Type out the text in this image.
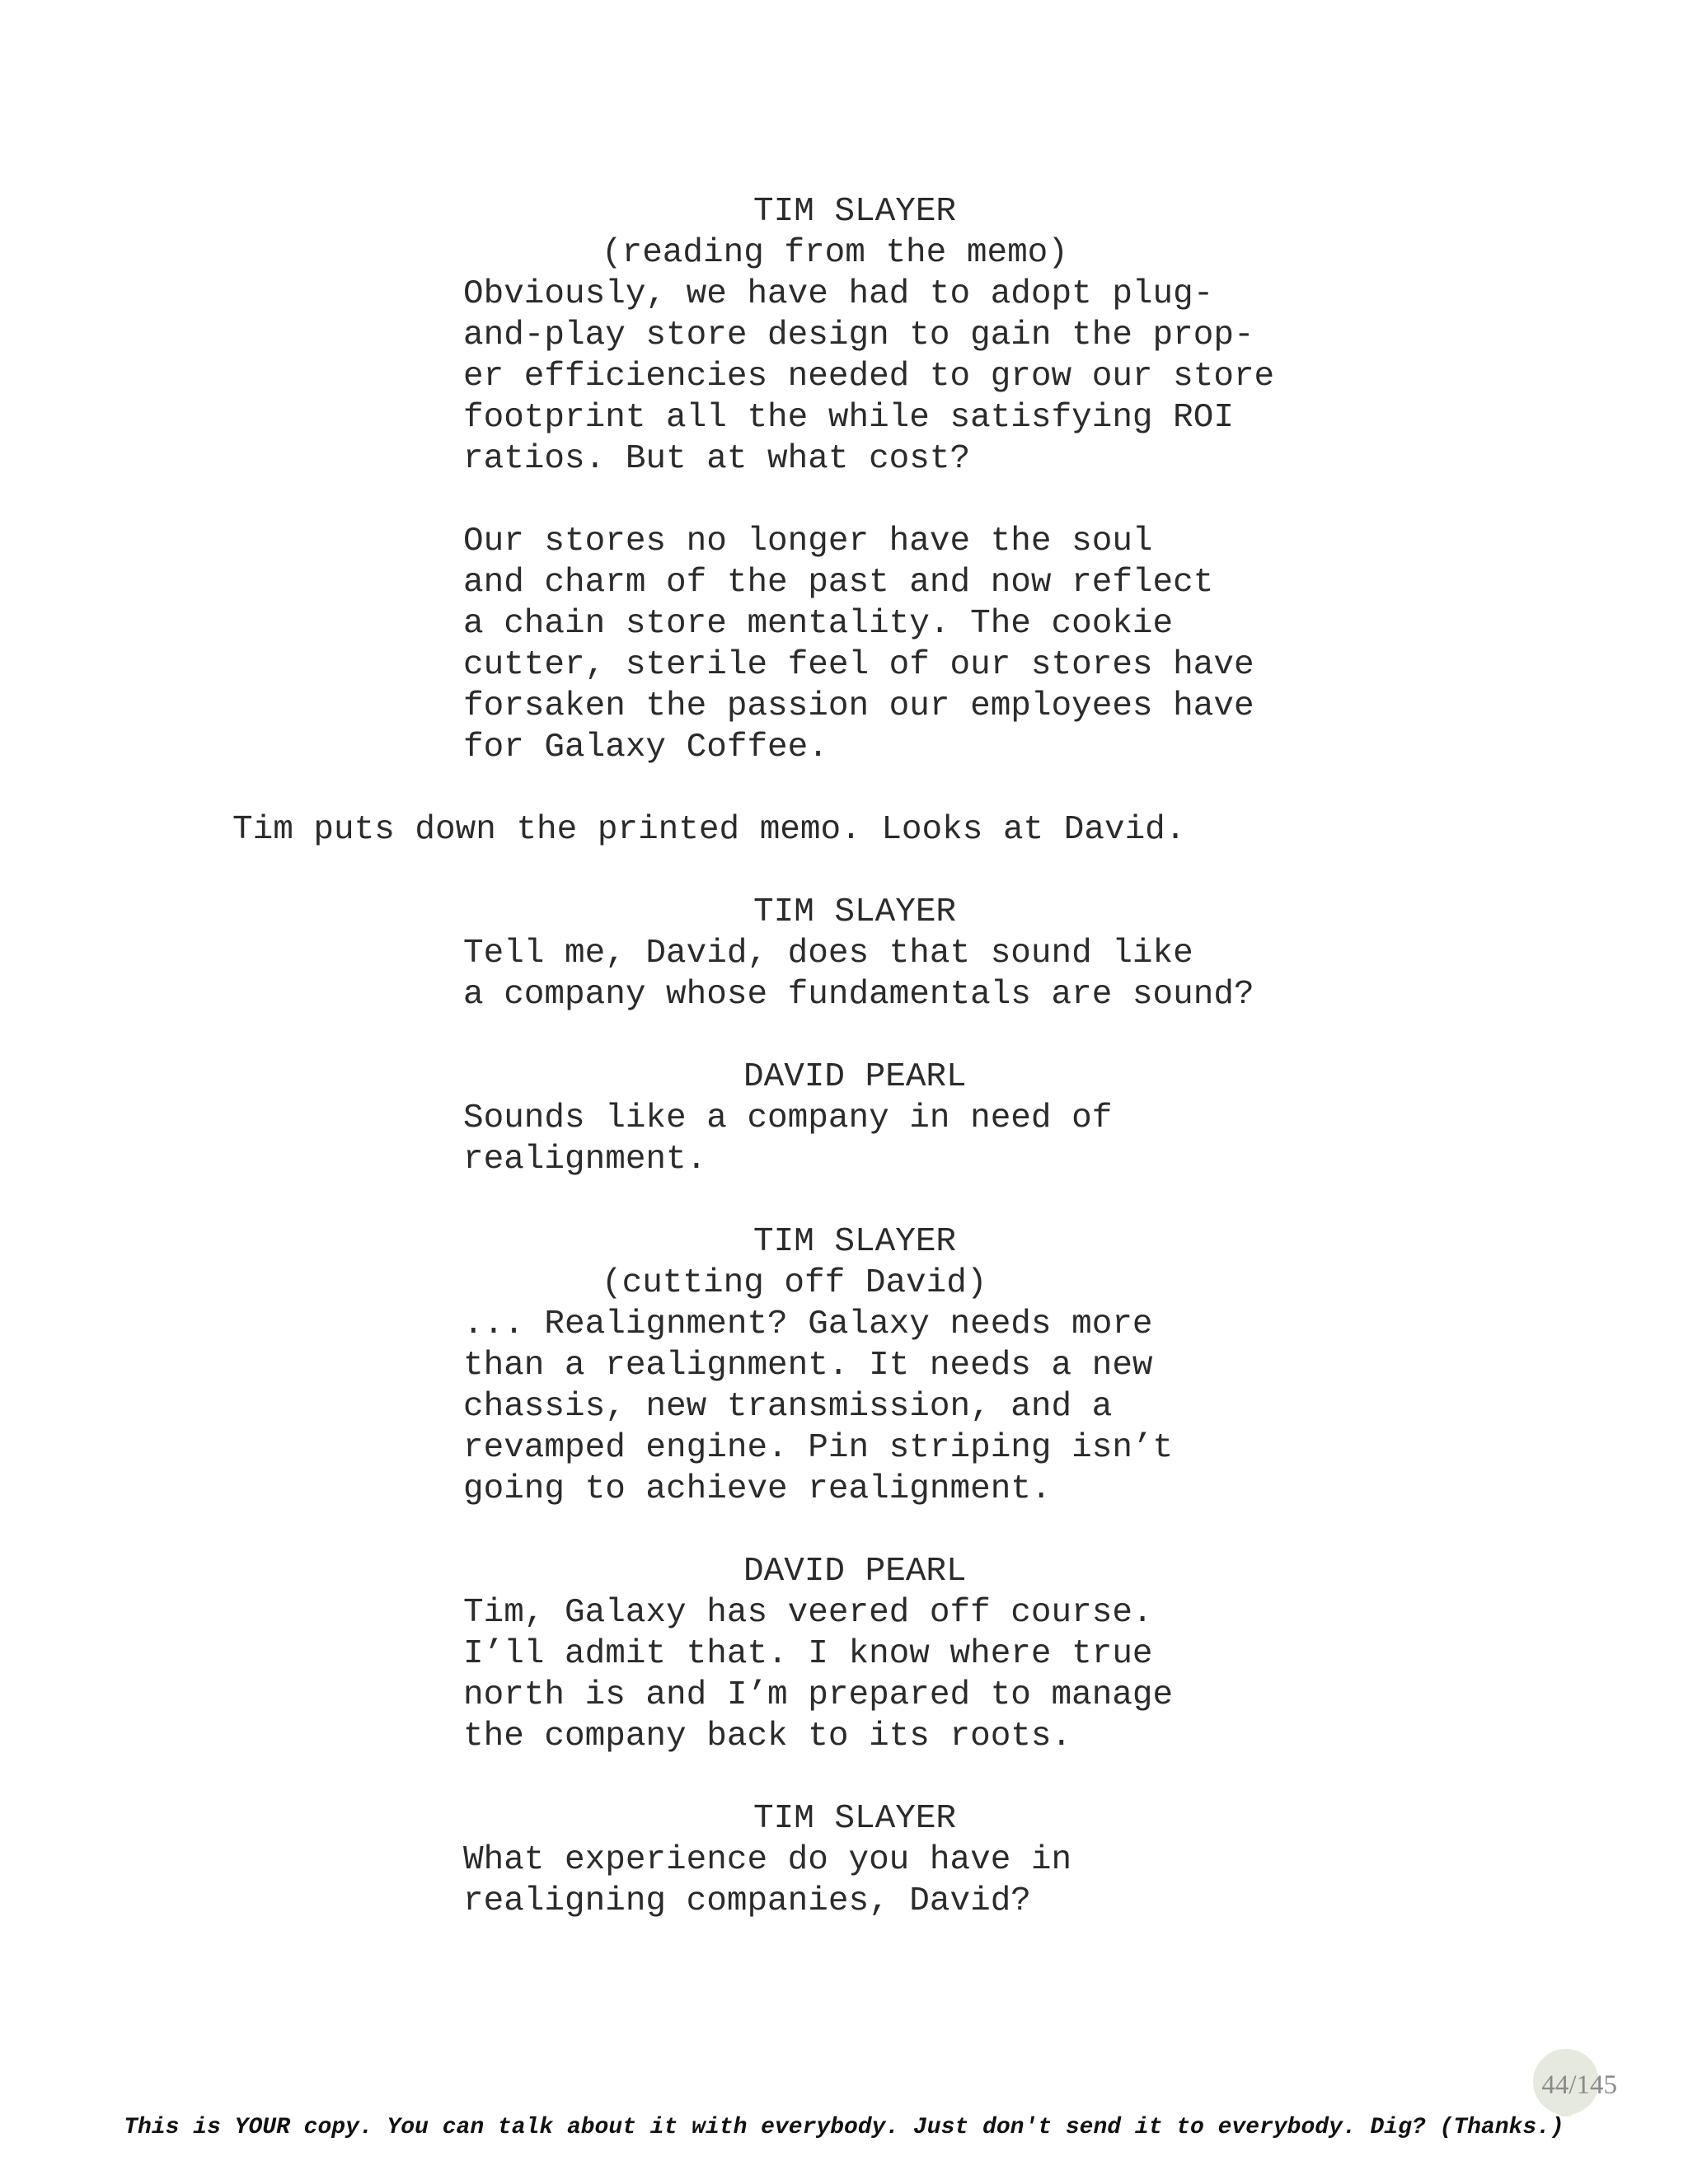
TIM SLAYER
(reading from the memo)
Obviously, we have had to adopt plug-
and-play store design to gain the prop-
er efficiencies needed to grow our store
footprint all the while satisfying ROI
ratios. But at what cost?
Our stores no longer have the soul
and charm of the past and now reflect
a chain store mentality. The cookie
cutter, sterile feel of our stores have
forsaken the passion our employees have
for Galaxy Coffee.
Tim puts down the printed memo. Looks at David.
TIM SLAYER
Tell me, David, does that sound like
a company whose fundamentals are sound?
DAVID PEARL
Sounds like a company in need of
realignment.
TIM SLAYER
(cutting off David)
... Realignment? Galaxy needs more
than a realignment. It needs a new
chassis, new transmission, and a
revamped engine. Pin striping isn’t
going to achieve realignment.
DAVID PEARL
Tim, Galaxy has veered off course.
I’ll admit that. I know where true
north is and I’m prepared to manage
the company back to its roots.
TIM SLAYER
What experience do you have in
realigning companies, David?
44/145
This is YOUR copy. You can talk about it with everybody. Just don't send it to everybody. Dig? (Thanks.)
